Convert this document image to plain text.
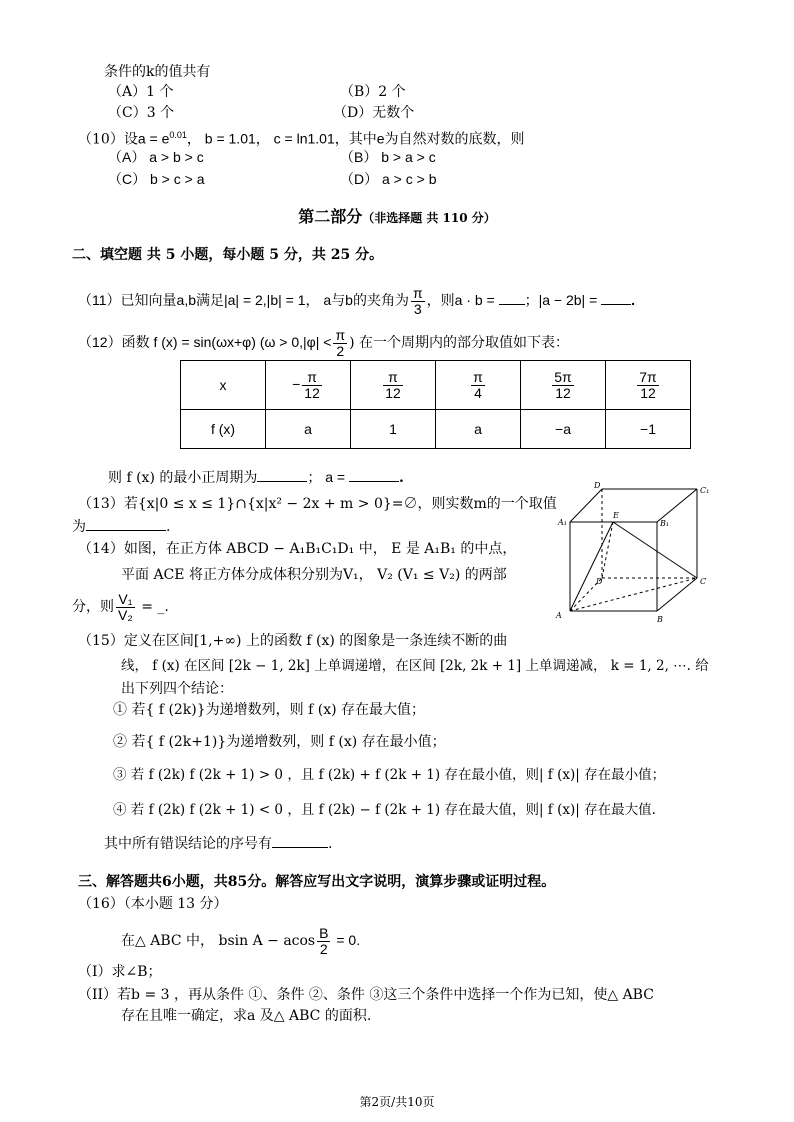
条件的k的值共有
（A）1 个	（B）2 个
（C）3 个	（D）无数个
（10）设$a = e^{0.01}$， b = 1.01， c = ln1.01，其中e为自然对数的底数，则
（A） a > b > c	（B） b > a > c
（C） b > c > a	（D） a > c > b
第二部分（非选择题 共 110 分）
二、填空题 共 5 小题，每小题 5 分，共 25 分。
（11）已知向量a,b满足|a| = 2,|b| = 1， a与b的夹角为 $\frac{\pi}{3}$ ，则a · b = ；|a − 2b| = .
（12）函数 f (x) = sin(ωx+φ) ($\omega > 0,|\varphi| < \frac{\pi}{2}$ ) 在一个周期内的部分取值如下表：
x	− $\frac{\pi}{12}$	$\frac{\pi}{12}$	$\frac{\pi}{4}$	$\frac{5\pi}{12}$	$\frac{7\pi}{12}$

f (x)	a	1	a	−a	−1
则 f (x) 的最小正周期为	； a =	.
（13）若{x|0 ≤ x ≤ 1}∩{x|x² − 2x + m > 0}=∅，则实数m的一个取值
为	.
（14）如图，在正方体 ABCD − A₁B₁C₁D₁ 中， E 是 A₁B₁ 的中点，
平面 ACE 将正方体分成体积分别为V₁， V₂ (V₁ ≤ V₂) 的两部
分，则 $\frac{\text{V₁}}{\text{V₂}}$ = _.
D
C₁
A₁
E
B₁
D	C
A	B
（15）定义在区间[1,+∞) 上的函数 f (x) 的图象是一条连续不断的曲
线， f (x) 在区间 [2k − 1, 2k] 上单调递增，在区间 [2k, 2k + 1] 上单调递减， k = 1, 2, ⋯. 给
出下列四个结论：
① 若{ f (2k)}为递增数列，则 f (x) 存在最大值；
② 若{ f (2k+1)}为递增数列，则 f (x) 存在最小值；
③ 若 f (2k) f (2k + 1) > 0 ，且 f (2k) + f (2k + 1) 存在最小值，则| f (x)| 存在最小值；
④ 若 f (2k) f (2k + 1) < 0 ，且 f (2k) − f (2k + 1) 存在最大值，则| f (x)| 存在最大值.
其中所有错误结论的序号有	.
三、解答题共6小题，共85分。解答应写出文字说明，演算步骤或证明过程。
（16）（本小题 13 分）
在△ ABC 中， bsin A − acos $\frac{B}{2} = 0$.
（I）求∠B；
（II）若b = 3 ，再从条件 ①、条件 ②、条件 ③这三个条件中选择一个作为已知，使△ ABC
存在且唯一确定，求a 及△ ABC 的面积.
第2页/共10页
